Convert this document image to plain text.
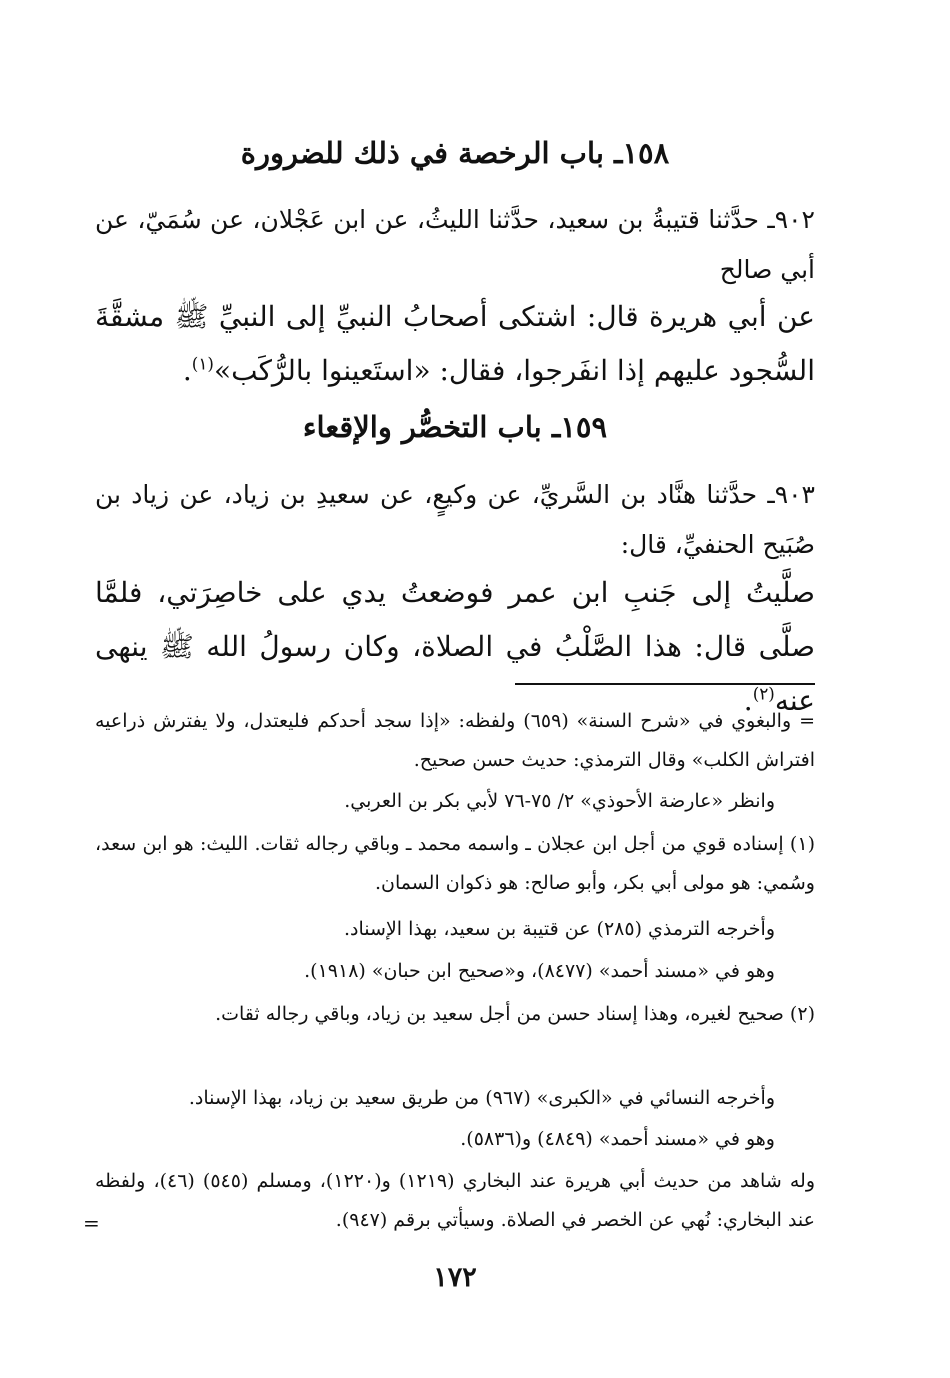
١٥٨ـ باب الرخصة في ذلك للضرورة

٩٠٢ـ حدَّثنا قتيبةُ بن سعيد، حدَّثنا الليثُ، عن ابن عَجْلان، عن سُمَيّ، عن أبي صالح

عن أبي هريرة قال: اشتكى أصحابُ النبيِّ إلى النبيِّ ﷺ مشقَّةَ السُّجود عليهم إذا انفَرجوا، فقال: «استَعينوا بالرُّكَب»$^{(١)}$.

١٥٩ـ باب التخصُّر والإقعاء

٩٠٣ـ حدَّثنا هنَّاد بن السَّريِّ، عن وكيعٍ، عن سعيدِ بن زياد، عن زياد بن صُبَيح الحنفيِّ، قال:

صلَّيتُ إلى جَنبِ ابن عمر فوضعتُ يدي على خاصِرَتي، فلمَّا صلَّى قال: هذا الصَّلْبُ في الصلاة، وكان رسولُ الله ﷺ ينهى عنه$^{(٢)}$.

= والبغوي في «شرح السنة» (٦٥٩) ولفظه: «إذا سجد أحدكم فليعتدل، ولا يفترش ذراعيه افتراش الكلب» وقال الترمذي: حديث حسن صحيح.

وانظر «عارضة الأحوذي» ٢/ ٧٥-٧٦ لأبي بكر بن العربي.

(١) إسناده قوي من أجل ابن عجلان ـ واسمه محمد ـ وباقي رجاله ثقات. الليث: هو ابن سعد، وسُمي: هو مولى أبي بكر، وأبو صالح: هو ذكوان السمان.

وأخرجه الترمذي (٢٨٥) عن قتيبة بن سعيد، بهذا الإسناد.

وهو في «مسند أحمد» (٨٤٧٧)، و«صحيح ابن حبان» (١٩١٨).

(٢) صحيح لغيره، وهذا إسناد حسن من أجل سعيد بن زياد، وباقي رجاله ثقات.

وأخرجه النسائي في «الكبرى» (٩٦٧) من طريق سعيد بن زياد، بهذا الإسناد.

وهو في «مسند أحمد» (٤٨٤٩) و(٥٨٣٦).

وله شاهد من حديث أبي هريرة عند البخاري (١٢١٩) و(١٢٢٠)، ومسلم (٥٤٥) (٤٦)، ولفظه عند البخاري: نُهي عن الخصر في الصلاة. وسيأتي برقم (٩٤٧).

=
١٧٢
